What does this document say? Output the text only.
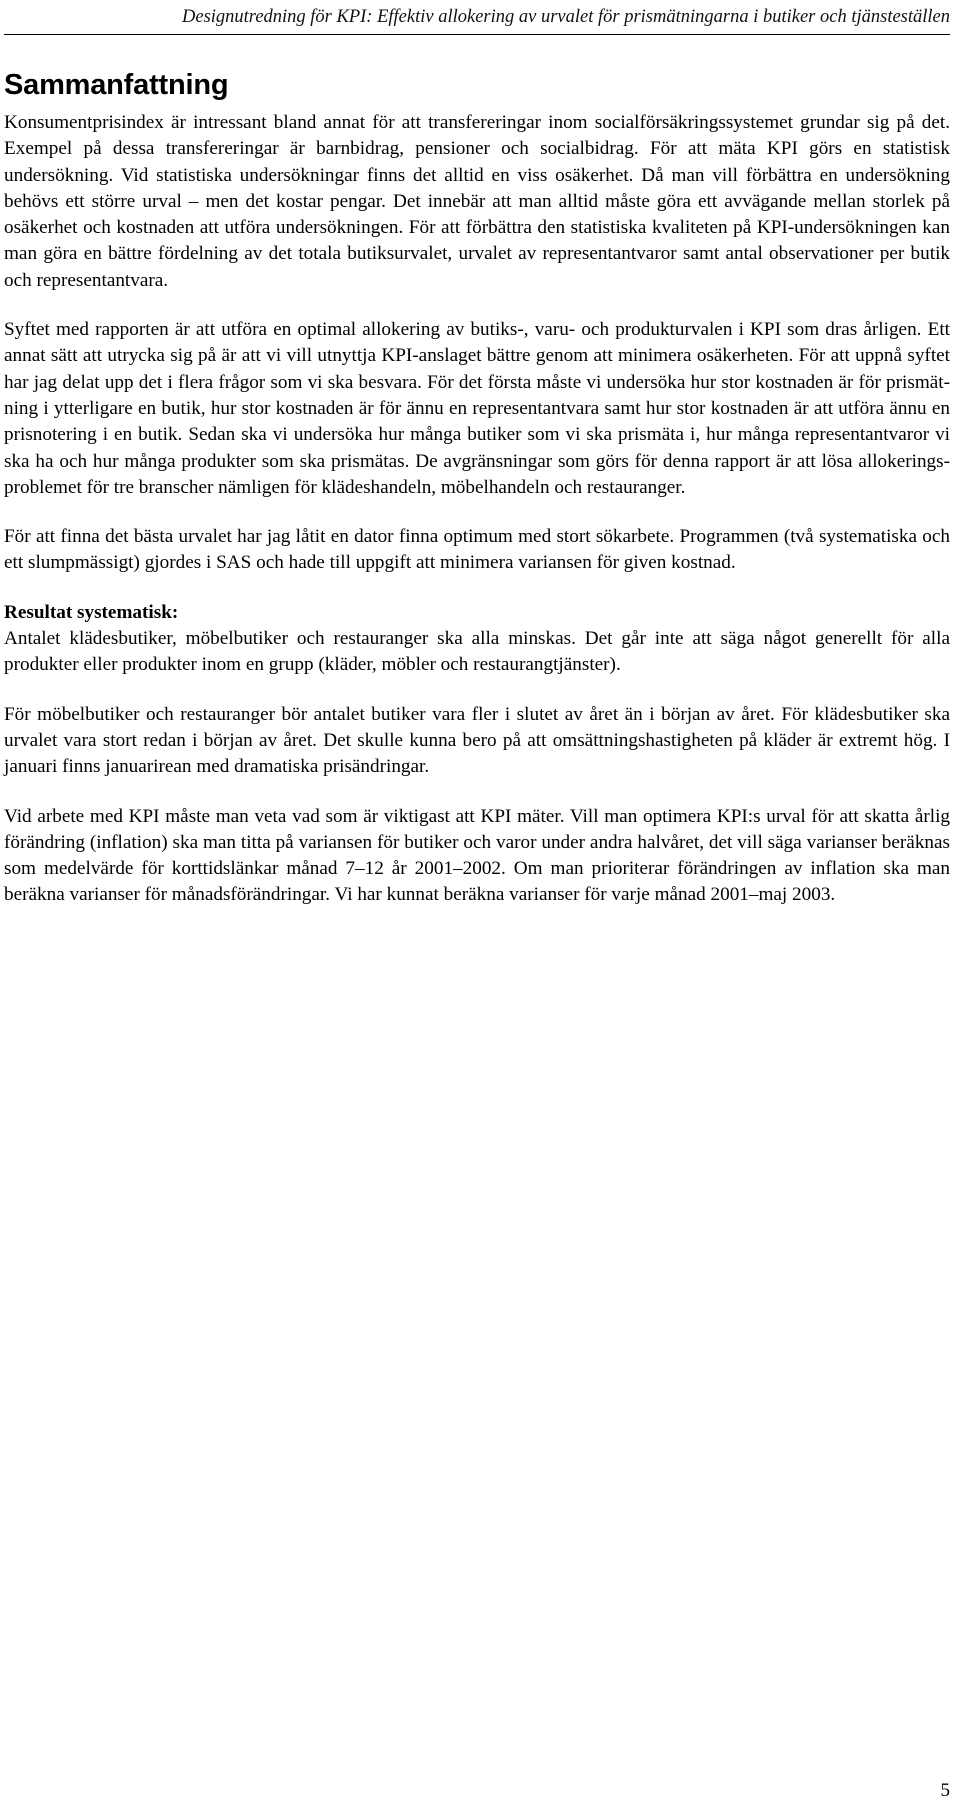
Designutredning för KPI: Effektiv allokering av urvalet för prismätningarna i butiker och tjänsteställen
Sammanfattning

Konsumentprisindex är intressant bland annat för att transfereringar inom socialförsäkringssystemet grundar sig på det. Exempel på dessa transfereringar är barnbidrag, pensioner och socialbidrag. För att mäta KPI görs en statistisk undersökning. Vid statistiska undersökningar finns det alltid en viss osäkerhet. Då man vill förbättra en undersökning behövs ett större urval – men det kostar pengar. Det innebär att man alltid måste göra ett avvägande mellan storlek på osäkerhet och kostnaden att utföra undersökningen. För att förbättra den statistiska kvaliteten på KPI-undersökningen kan man göra en bättre fördelning av det totala butiksurvalet, urvalet av representantvaror samt antal observationer per butik och representantvara.

Syftet med rapporten är att utföra en optimal allokering av butiks-, varu- och produkturvalen i KPI som dras årligen. Ett annat sätt att utrycka sig på är att vi vill utnyttja KPI-anslaget bättre genom att minimera osäkerheten. För att uppnå syftet har jag delat upp det i flera frågor som vi ska besvara. För det första måste vi undersöka hur stor kostnaden är för prismätning i ytterligare en butik, hur stor kostnaden är för ännu en representantvara samt hur stor kostnaden är att utföra ännu en prisnotering i en butik. Sedan ska vi undersöka hur många butiker som vi ska prismäta i, hur många representantvaror vi ska ha och hur många produkter som ska prismätas. De avgränsningar som görs för denna rapport är att lösa allokeringsproblemet för tre branscher nämligen för klädeshandeln, möbelhandeln och restauranger.

För att finna det bästa urvalet har jag låtit en dator finna optimum med stort sökarbete. Programmen (två systematiska och ett slumpmässigt) gjordes i SAS och hade till uppgift att minimera variansen för given kostnad.

Resultat systematisk:

Antalet klädesbutiker, möbelbutiker och restauranger ska alla minskas. Det går inte att säga något generellt för alla produkter eller produkter inom en grupp (kläder, möbler och restaurangtjänster).

För möbelbutiker och restauranger bör antalet butiker vara fler i slutet av året än i början av året. För klädesbutiker ska urvalet vara stort redan i början av året. Det skulle kunna bero på att omsättningshastigheten på kläder är extremt hög. I januari finns januarirean med dramatiska prisändringar.

Vid arbete med KPI måste man veta vad som är viktigast att KPI mäter. Vill man optimera KPI:s urval för att skatta årlig förändring (inflation) ska man titta på variansen för butiker och varor under andra halvåret, det vill säga varianser beräknas som medelvärde för korttidslänkar månad 7–12 år 2001–2002. Om man prioriterar förändringen av inflation ska man beräkna varianser för månadsförändringar. Vi har kunnat beräkna varianser för varje månad 2001–maj 2003.

5
